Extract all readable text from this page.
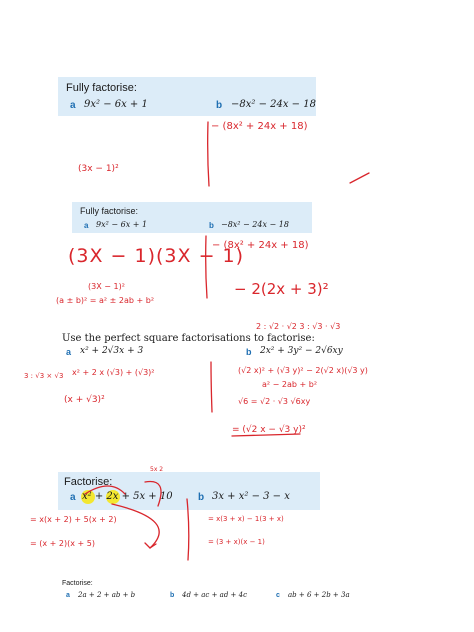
Fully factorise:
a 9x² − 6x + 1	b −8x² − 24x − 18
− (8x² + 24x + 18)
(3x − 1)²
Fully factorise:
a 9x² − 6x + 1	b −8x² − 24x − 18
(3X − 1)(3X − 1)
(3X − 1)²
(a ± b)² = a² ± 2ab + b²
− (8x² + 24x + 18)
− 2(2x + 3)²
2 : √2 · √2 3 : √3 · √3
Use the perfect square factorisations to factorise:
a x² + 2√3x + 3	b 2x² + 3y² − 2√6xy
3 : √3 × √3 x² + 2 x (√3) + (√3)²
(x + √3)²
(√2 x)² + (√3 y)² − 2(√2 x)(√3 y)
a² − 2ab + b²
√6 = √2 · √3 √6xy
= (√2 x − √3 y)²
5x 2
Factorise:
a x² + 2x + 5x + 10	b 3x + x² − 3 − x
= x(x + 2) + 5(x + 2)
= (x + 2)(x + 5)
= x(3 + x) − 1(3 + x)
= (3 + x)(x − 1)
Factorise:
a 2a + 2 + ab + b	b 4d + ac + ad + 4c	c ab + 6 + 2b + 3a
